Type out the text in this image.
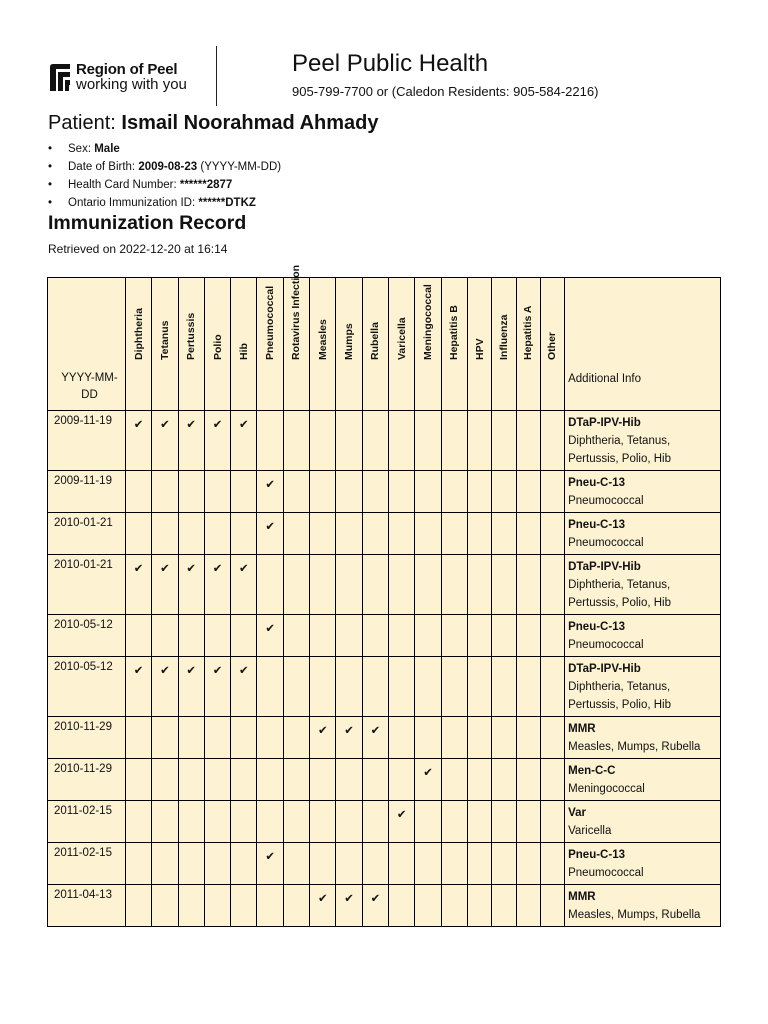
Region of Peel
working with you
Peel Public Health
905-799-7700 or (Caledon Residents: 905-584-2216)
Patient: Ismail Noorahmad Ahmady
• Sex: Male
• Date of Birth: 2009-08-23 (YYYY-MM-DD)
• Health Card Number: ******2877
• Ontario Immunization ID: ******DTKZ
Immunization Record
Retrieved on 2022-12-20 at 16:14
YYYY-MM-DD	Diphtheria	Tetanus	Pertussis	Polio	Hib	Pneumococcal	Rotavirus Infection	Measles	Mumps	Rubella	Varicella	Meningococcal	Hepatitis B	HPV	Influenza	Hepatitis A	Other	Additional Info

2009-11-19	✔	✔	✔	✔	✔													DTaP-IPV-Hib
Diphtheria, Tetanus, Pertussis, Polio, Hib

2009-11-19						✔												Pneu-C-13
Pneumococcal

2010-01-21						✔												Pneu-C-13
Pneumococcal

2010-01-21	✔	✔	✔	✔	✔													DTaP-IPV-Hib
Diphtheria, Tetanus, Pertussis, Polio, Hib

2010-05-12						✔												Pneu-C-13
Pneumococcal

2010-05-12	✔	✔	✔	✔	✔													DTaP-IPV-Hib
Diphtheria, Tetanus, Pertussis, Polio, Hib

2010-11-29								✔	✔	✔								MMR
Measles, Mumps, Rubella

2010-11-29												✔						Men-C-C
Meningococcal

2011-02-15											✔							Var
Varicella

2011-02-15						✔												Pneu-C-13
Pneumococcal

2011-04-13								✔	✔	✔								MMR
Measles, Mumps, Rubella
